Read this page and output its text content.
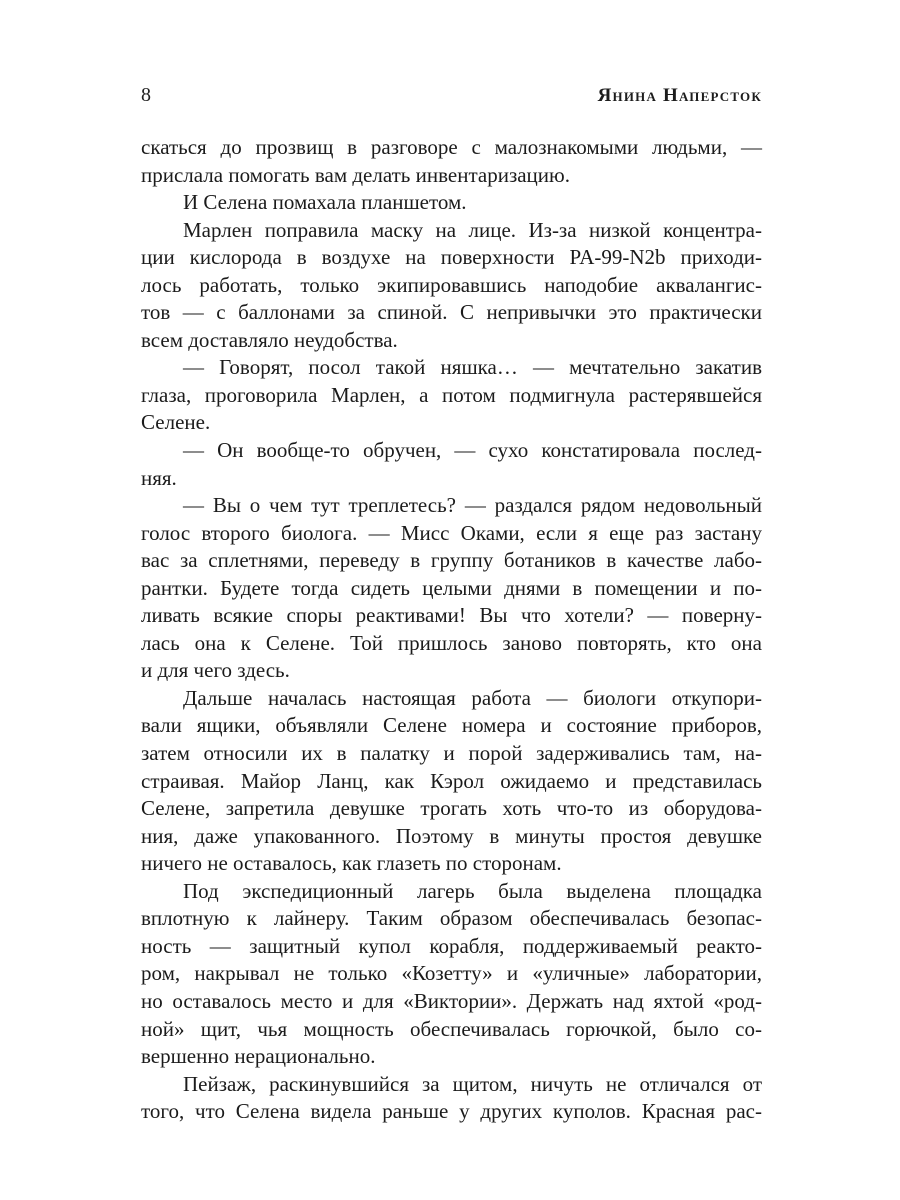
8	Янина Наперсток
скаться до прозвищ в разговоре с малознакомыми людьми, —
прислала помогать вам делать инвентаризацию.
И Селена помахала планшетом.
Марлен поправила маску на лице. Из-за низкой концентра-
ции кислорода в воздухе на поверхности PA-99-N2b приходи-
лось работать, только экипировавшись наподобие аквалангис-
тов — с баллонами за спиной. С непривычки это практически
всем доставляло неудобства.
— Говорят, посол такой няшка… — мечтательно закатив
глаза, проговорила Марлен, а потом подмигнула растерявшейся
Селене.
— Он вообще-то обручен, — сухо констатировала послед-
няя.
— Вы о чем тут треплетесь? — раздался рядом недовольный
голос второго биолога. — Мисс Оками, если я еще раз застану
вас за сплетнями, переведу в группу ботаников в качестве лабо-
рантки. Будете тогда сидеть целыми днями в помещении и по-
ливать всякие споры реактивами! Вы что хотели? — поверну-
лась она к Селене. Той пришлось заново повторять, кто она
и для чего здесь.
Дальше началась настоящая работа — биологи откупори-
вали ящики, объявляли Селене номера и состояние приборов,
затем относили их в палатку и порой задерживались там, на-
страивая. Майор Ланц, как Кэрол ожидаемо и представилась
Селене, запретила девушке трогать хоть что-то из оборудова-
ния, даже упакованного. Поэтому в минуты простоя девушке
ничего не оставалось, как глазеть по сторонам.
Под экспедиционный лагерь была выделена площадка
вплотную к лайнеру. Таким образом обеспечивалась безопас-
ность — защитный купол корабля, поддерживаемый реакто-
ром, накрывал не только «Козетту» и «уличные» лаборатории,
но оставалось место и для «Виктории». Держать над яхтой «род-
ной» щит, чья мощность обеспечивалась горючкой, было со-
вершенно нерационально.
Пейзаж, раскинувшийся за щитом, ничуть не отличался от
того, что Селена видела раньше у других куполов. Красная рас-
